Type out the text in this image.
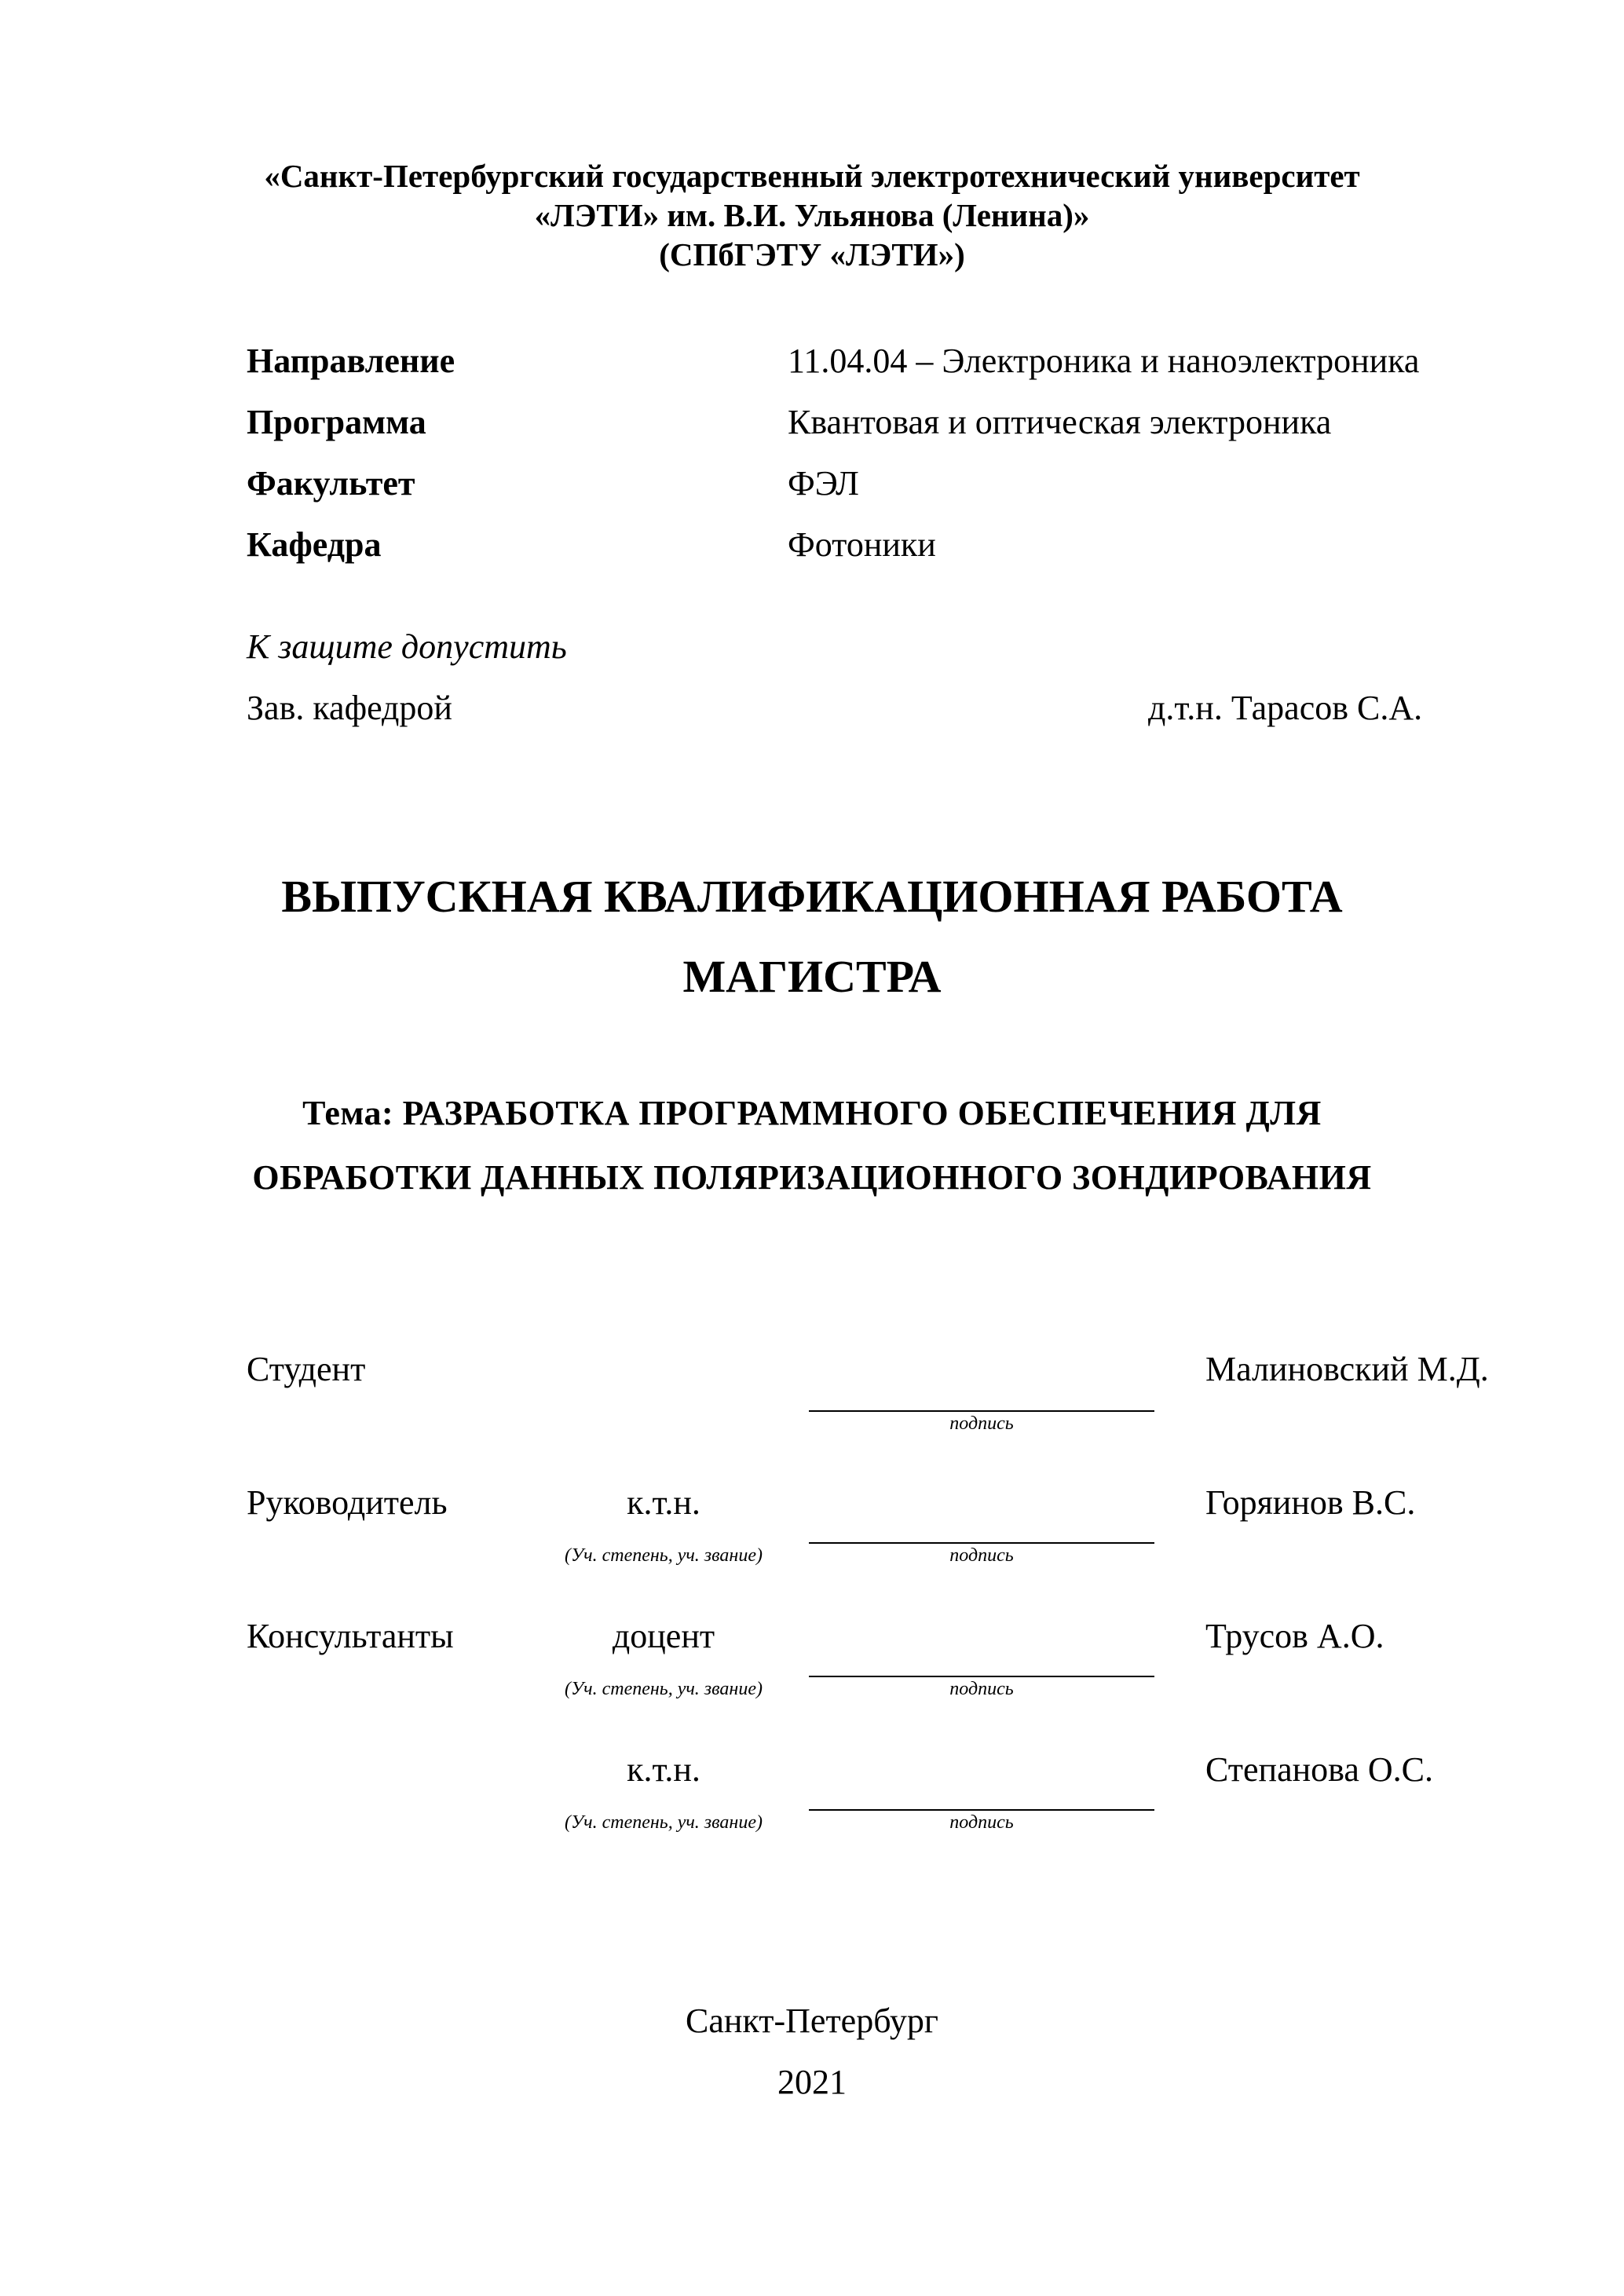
«Санкт-Петербургский государственный электротехнический университет
«ЛЭТИ» им. В.И. Ульянова (Ленина)»
(СПбГЭТУ «ЛЭТИ»)
Направление	11.04.04 – Электроника и наноэлектроника
Программа	Квантовая и оптическая электроника
Факультет	ФЭЛ
Кафедра	Фотоники
К защите допустить
Зав. кафедрой	д.т.н. Тарасов С.А.
ВЫПУСКНАЯ КВАЛИФИКАЦИОННАЯ РАБОТА
МАГИСТРА
Тема: РАЗРАБОТКА ПРОГРАММНОГО ОБЕСПЕЧЕНИЯ ДЛЯ
ОБРАБОТКИ ДАННЫХ ПОЛЯРИЗАЦИОННОГО ЗОНДИРОВАНИЯ
Студент	Малиновский М.Д.
подпись
Руководитель	к.т.н.	Горяинов В.С.
(Уч. степень, уч. звание)	подпись
Консультанты	доцент	Трусов А.О.
(Уч. степень, уч. звание)	подпись
к.т.н.	Степанова О.С.
(Уч. степень, уч. звание)	подпись
Санкт-Петербург
2021
